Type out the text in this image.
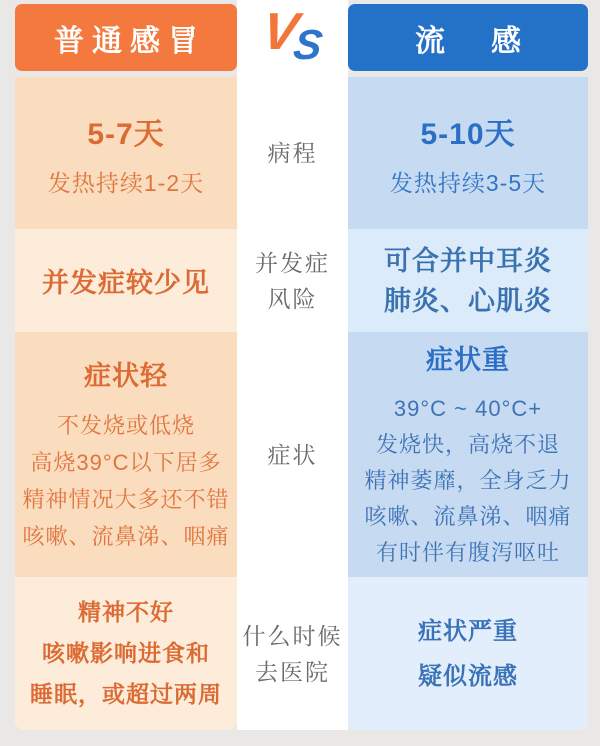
普通感冒 V
S	流　感
5-7天
发热持续1-2天
病程
5-10天
发热持续3-5天
并发症较少见
并发症
风险
可合并中耳炎
肺炎、心肌炎
症状轻
不发烧或低烧
高烧39°C以下居多
精神情况大多还不错
咳嗽、流鼻涕、咽痛
症状
症状重
39°C ~ 40°C+
发烧快，高烧不退
精神萎靡，全身乏力
咳嗽、流鼻涕、咽痛
有时伴有腹泻呕吐
精神不好
咳嗽影响进食和
睡眠，或超过两周
什么时候
去医院
症状严重
疑似流感
